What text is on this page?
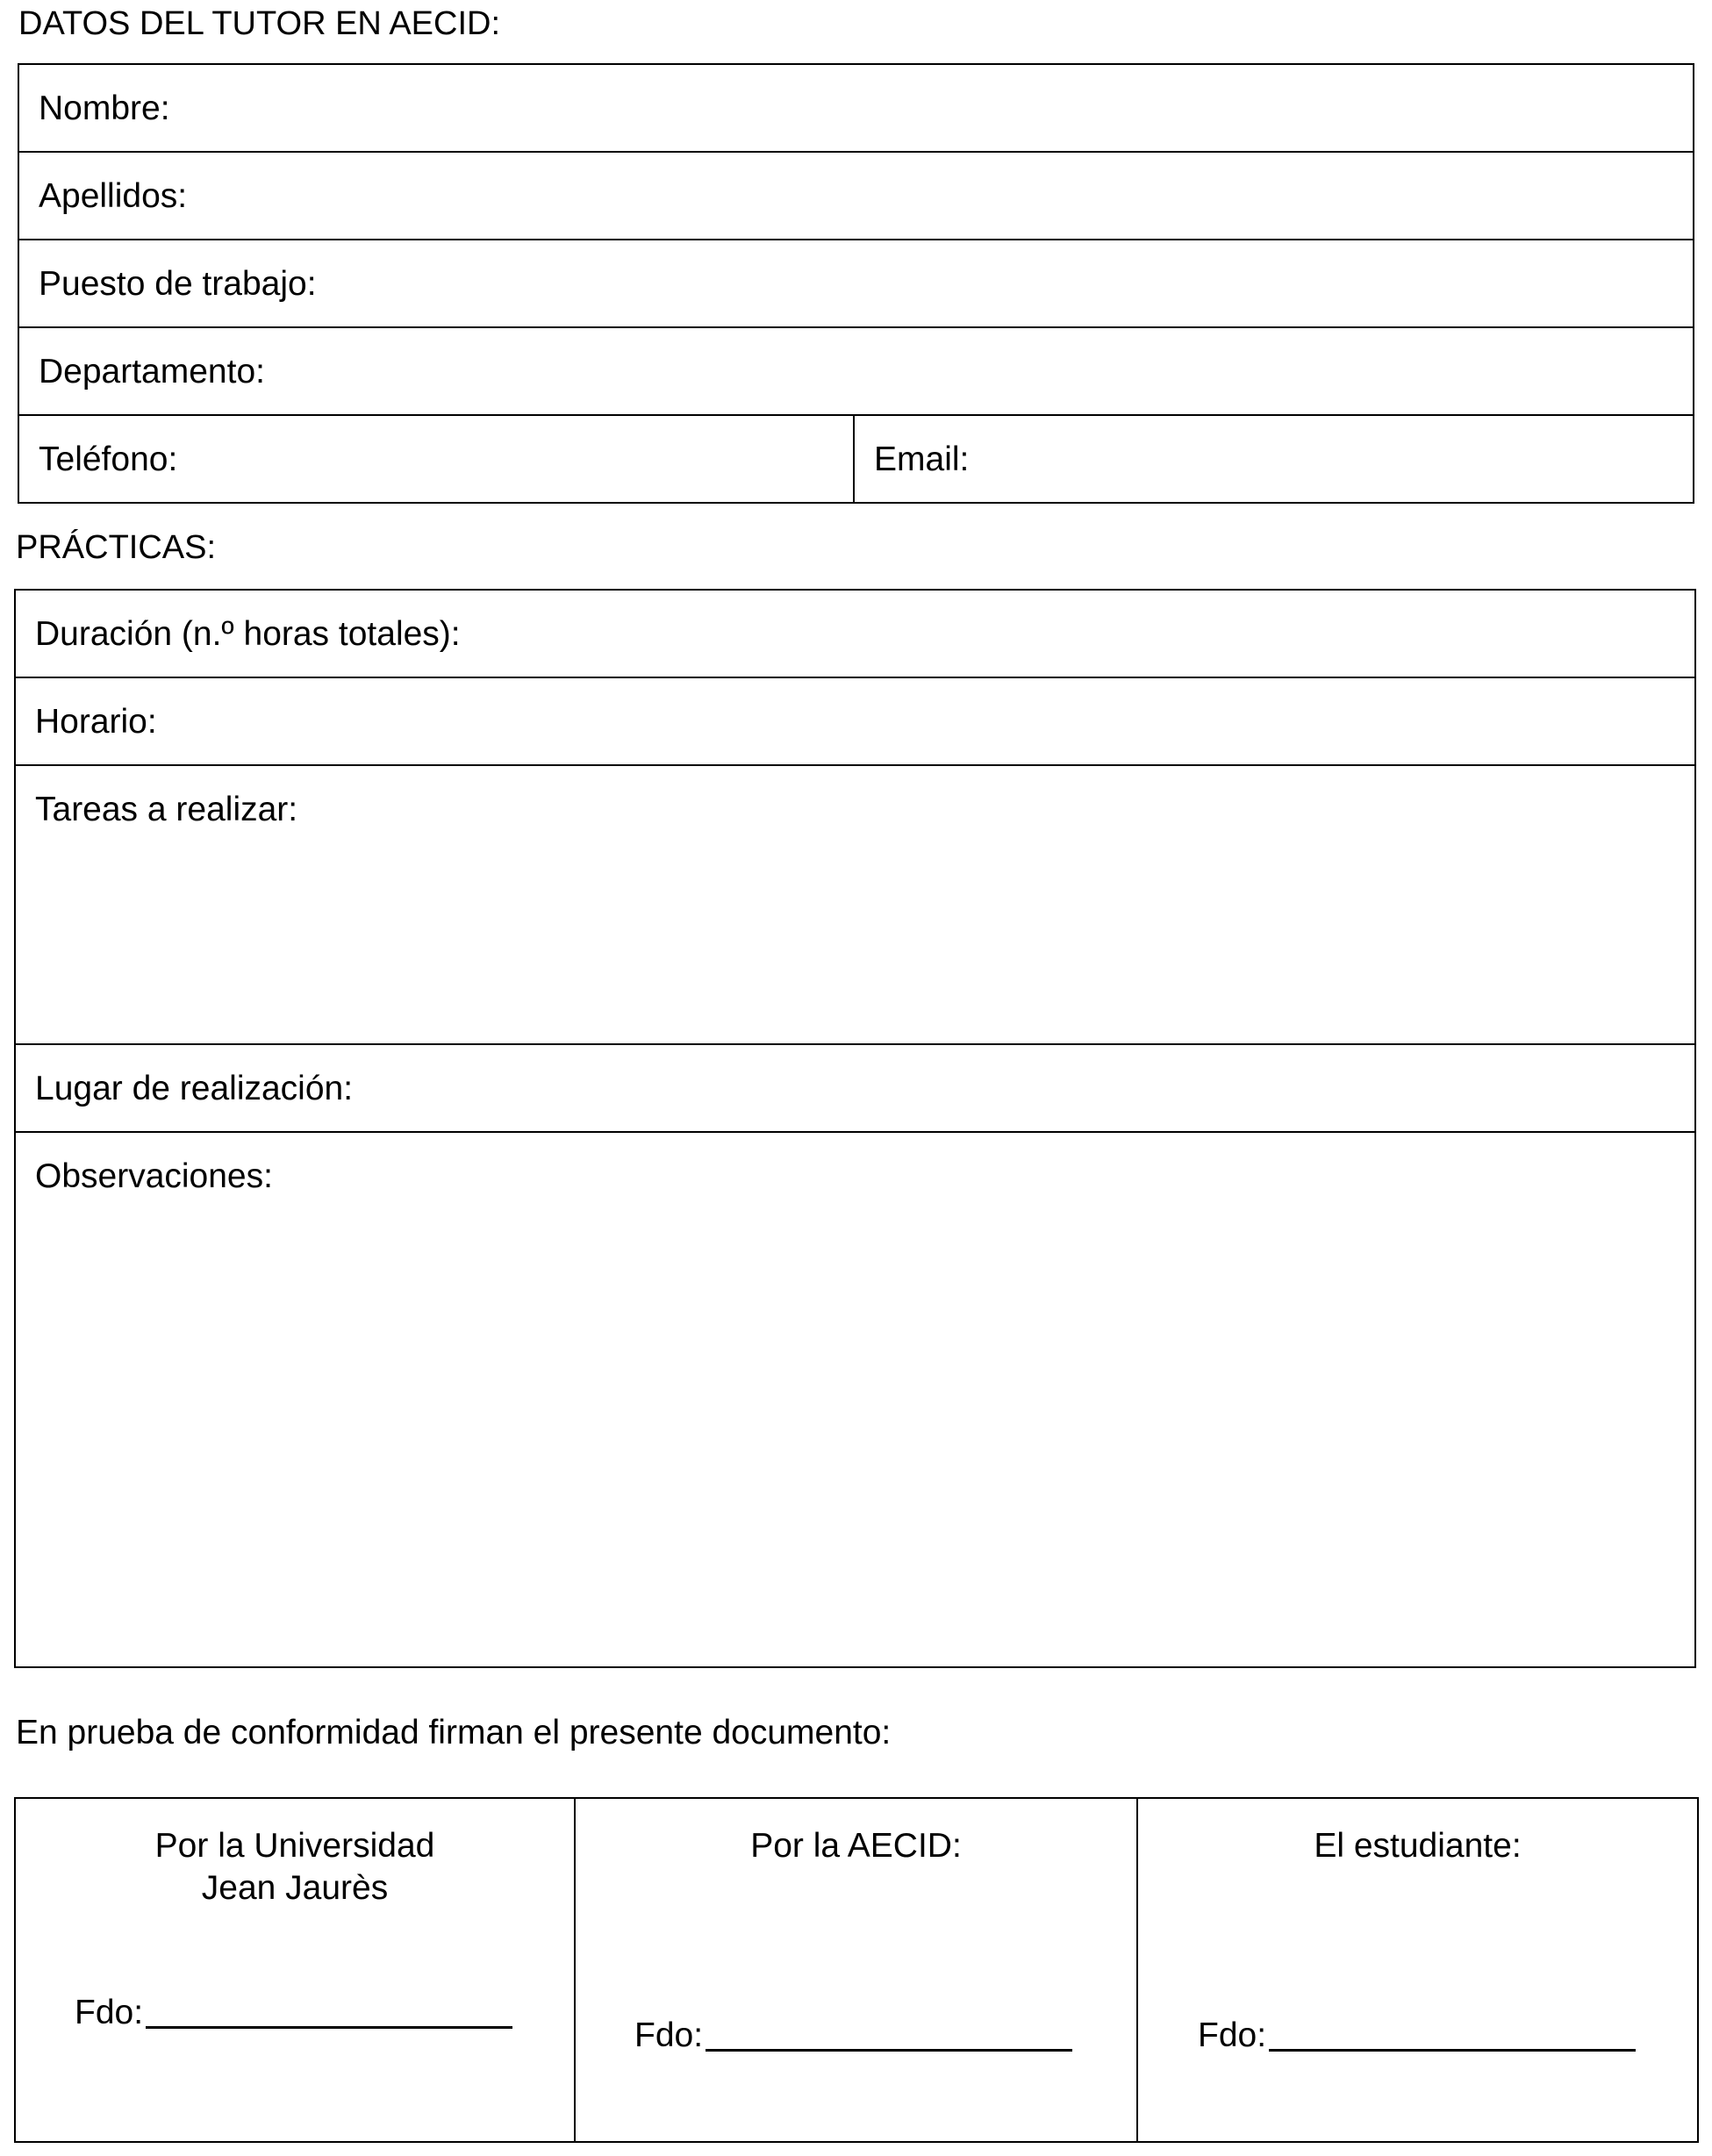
DATOS DEL TUTOR EN AECID:
Nombre:

Apellidos:

Puesto de trabajo:

Departamento:

Teléfono:	Email:
PRÁCTICAS:
Duración (n.º horas totales):

Horario:

Tareas a realizar:

Lugar de realización:

Observaciones:
En prueba de conformidad firman el presente documento:
Por la Universidad
Jean Jaurès
Fdo:

Por la AECID:
Fdo:

El estudiante:
Fdo:
